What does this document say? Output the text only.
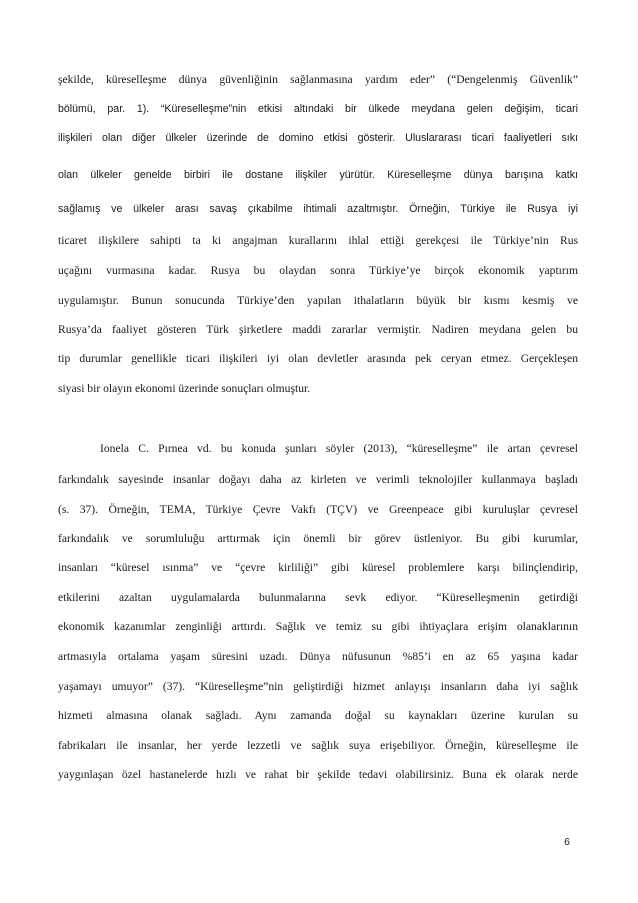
şekilde, küreselleşme dünya güvenliğinin sağlanmasına yardım eder” (“Dengelenmiş Güvenlik”
bölümü, par. 1). “Küreselleşme”nin etkisi altındaki bir ülkede meydana gelen değişim, ticari
ilişkileri olan diğer ülkeler üzerinde de domino etkisi gösterir. Uluslararası ticari faaliyetleri sıkı
olan ülkeler genelde birbiri ile dostane ilişkiler yürütür. Küreselleşme dünya barışına katkı
sağlamış ve ülkeler arası savaş çıkabilme ihtimali azaltmıştır. Örneğin, Türkiye ile Rusya iyi
ticaret ilişkilere sahipti ta ki angajman kurallarını ihlal ettiği gerekçesi ile Türkiye’nin Rus
uçağını vurmasına kadar. Rusya bu olaydan sonra Türkiye’ye birçok ekonomik yaptırım
uygulamıştır. Bunun sonucunda Türkiye’den yapılan ithalatların büyük bir kısmı kesmiş ve
Rusya’da faaliyet gösteren Türk şirketlere maddi zararlar vermiştir. Nadiren meydana gelen bu
tip durumlar genellikle ticari ilişkileri iyi olan devletler arasında pek ceryan etmez. Gerçekleşen
siyasi bir olayın ekonomi üzerinde sonuçları olmuştur.
Ionela C. Pırnea vd. bu konuda şunları söyler (2013), “küreselleşme” ile artan çevresel
farkındalık sayesinde insanlar doğayı daha az kirleten ve verimli teknolojiler kullanmaya başladı
(s. 37). Örneğin, TEMA, Türkiye Çevre Vakfı (TÇV) ve Greenpeace gibi kuruluşlar çevresel
farkındalık ve sorumluluğu arttırmak için önemli bir görev üstleniyor. Bu gibi kurumlar,
insanları “küresel ısınma” ve “çevre kirliliği” gibi küresel problemlere karşı bilinçlendirip,
etkilerini azaltan uygulamalarda bulunmalarına sevk ediyor. “Küreselleşmenin getirdiği
ekonomik kazanımlar zenginliği arttırdı. Sağlık ve temiz su gibi ihtiyaçlara erişim olanaklarının
artmasıyla ortalama yaşam süresini uzadı. Dünya nüfusunun %85’i en az 65 yaşına kadar
yaşamayı umuyor” (37). “Küreselleşme”nin geliştirdiği hizmet anlayışı insanların daha iyi sağlık
hizmeti almasına olanak sağladı. Aynı zamanda doğal su kaynakları üzerine kurulan su
fabrikaları ile insanlar, her yerde lezzetli ve sağlık suya erişebiliyor. Örneğin, küreselleşme ile
yaygınlaşan özel hastanelerde hızlı ve rahat bir şekilde tedavi olabilirsiniz. Buna ek olarak nerde
6
